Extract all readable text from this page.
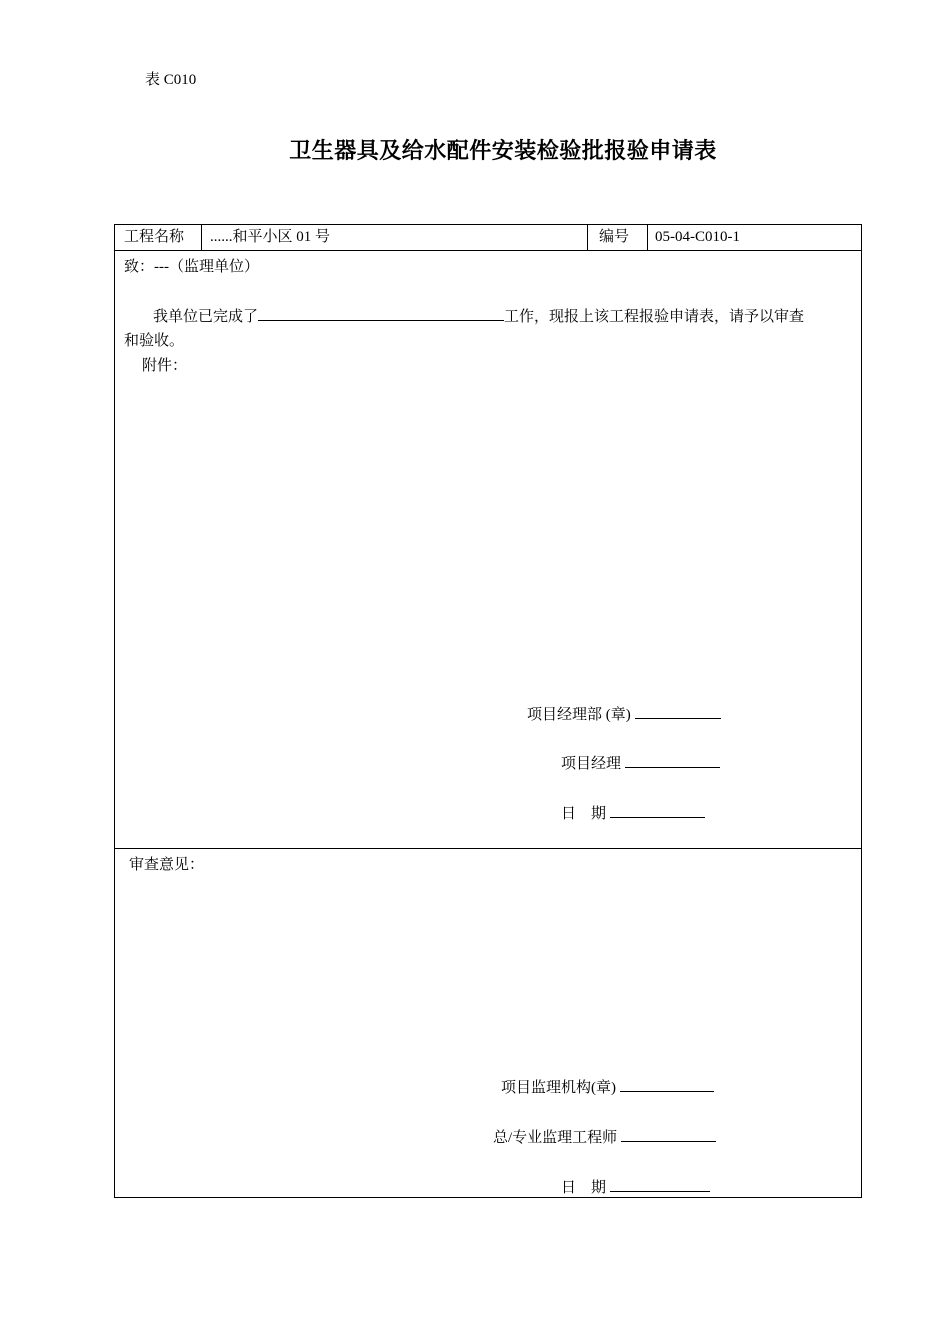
表 C010
卫生器具及给水配件安装检验批报验申请表
工程名称	......和平小区 01 号	编号	05-04-C010-1
致：---（监理单位）
我单位已完成了	工作，现报上该工程报验申请表，请予以审查
和验收。
附件：
项目经理部 (章)
项目经理
日　期
审查意见：
项目监理机构(章)
总/专业监理工程师
日　期
